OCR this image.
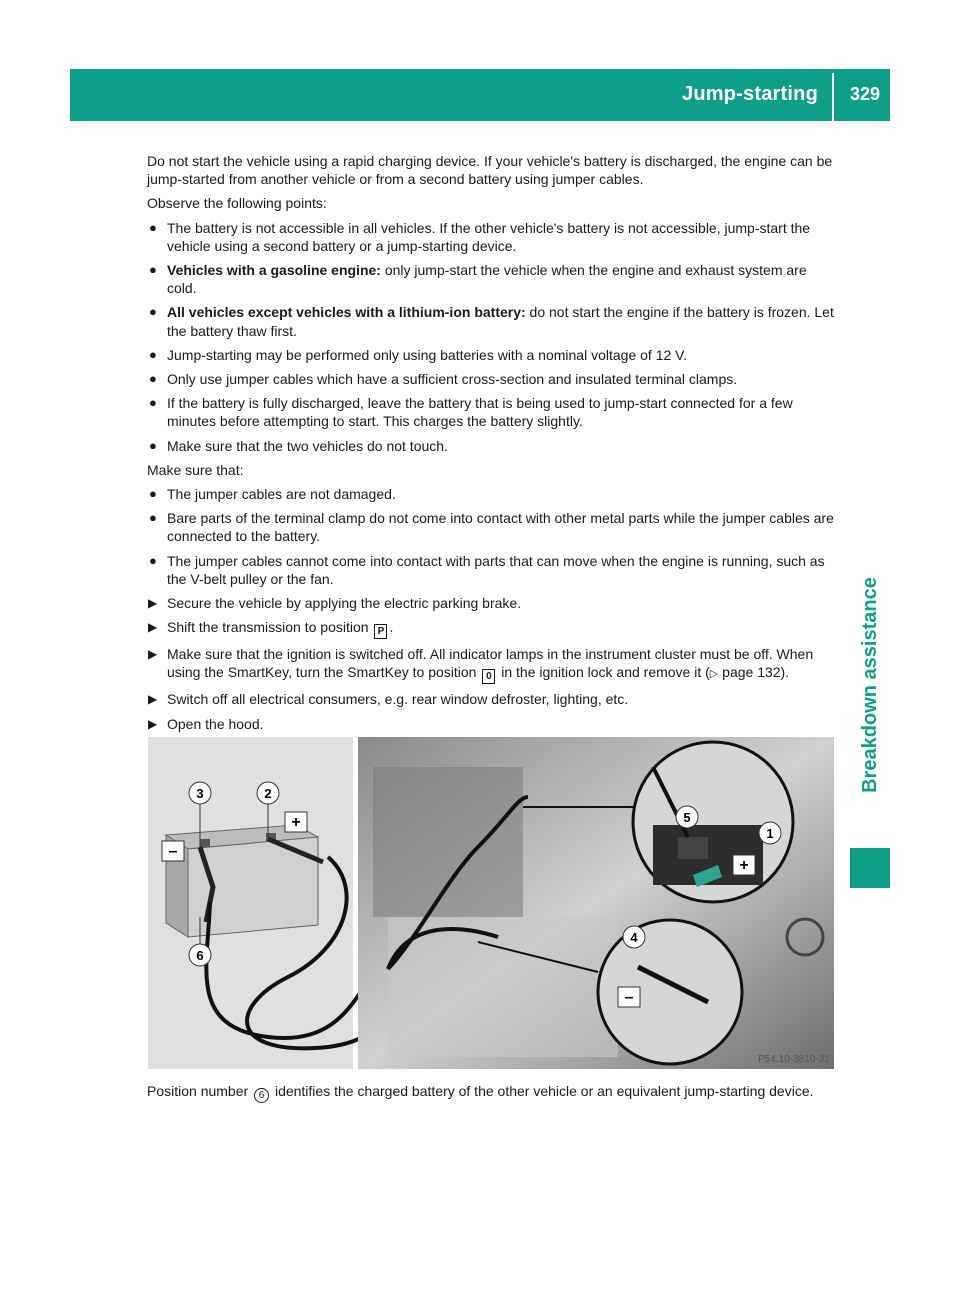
Jump-starting 329
Breakdown assistance

Do not start the vehicle using a rapid charging device. If your vehicle's battery is discharged, the engine can be jump-started from another vehicle or from a second battery using jumper cables.

Observe the following points:

● The battery is not accessible in all vehicles. If the other vehicle's battery is not accessible, jump-start the vehicle using a second battery or a jump-starting device.
● Vehicles with a gasoline engine: only jump-start the vehicle when the engine and exhaust system are cold.
● All vehicles except vehicles with a lithium-ion battery: do not start the engine if the battery is frozen. Let the battery thaw first.
● Jump-starting may be performed only using batteries with a nominal voltage of 12 V.
● Only use jumper cables which have a sufficient cross-section and insulated terminal clamps.
● If the battery is fully discharged, leave the battery that is being used to jump-start connected for a few minutes before attempting to start. This charges the battery slightly.
● Make sure that the two vehicles do not touch.

Make sure that:

● The jumper cables are not damaged.
● Bare parts of the terminal clamp do not come into contact with other metal parts while the jumper cables are connected to the battery.
● The jumper cables cannot come into contact with parts that can move when the engine is running, such as the V-belt pulley or the fan.
▶ Secure the vehicle by applying the electric parking brake.
▶ Shift the transmission to position P .
▶ Make sure that the ignition is switched off. All indicator lamps in the instrument cluster must be off. When using the SmartKey, turn the SmartKey to position 0 in the ignition lock and remove it (▷ page 132).
▶ Switch off all electrical consumers, e.g. rear window defroster, lighting, etc.
▶ Open the hood.
+
–
3	2
6
P54.10-3810-31
+
5
1
–
4
Position number 6 identifies the charged battery of the other vehicle or an equivalent jump-starting device.
